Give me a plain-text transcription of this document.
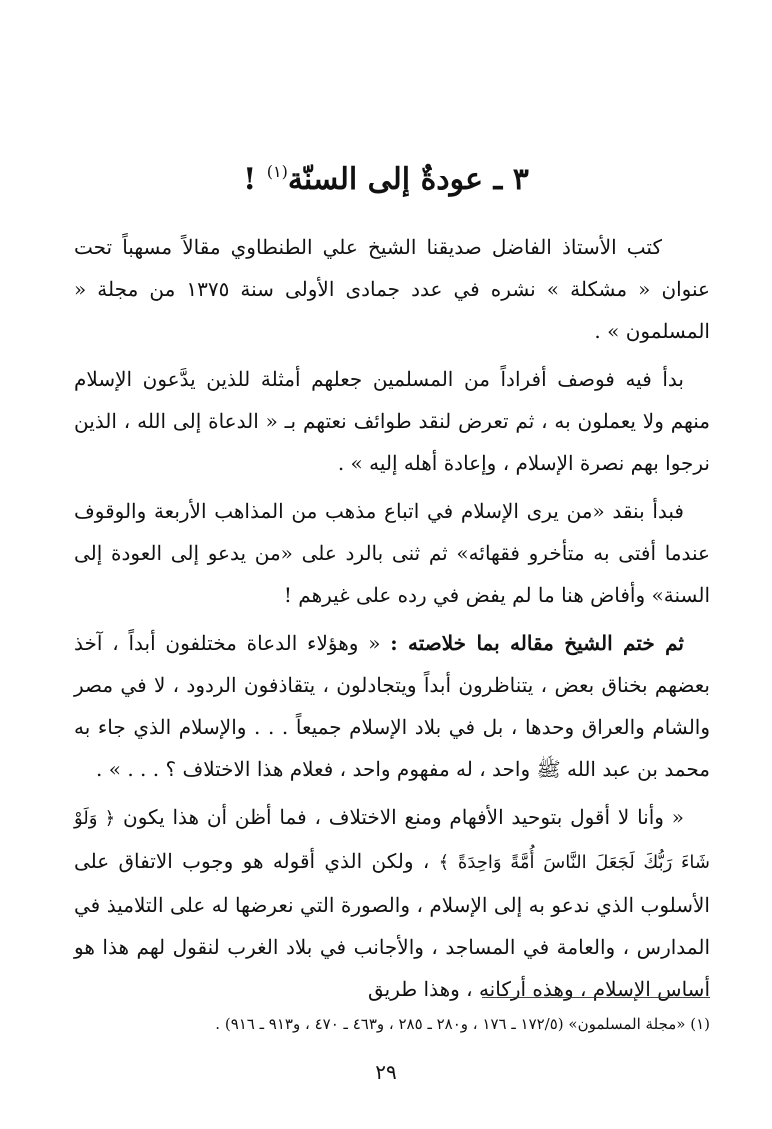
٣ ـ عودةٌ إلى السنّة$^{(١)}$ !

كتب الأستاذ الفاضل صديقنا الشيخ علي الطنطاوي مقالاً مسهباً تحت عنوان « مشكلة » نشره في عدد جمادى الأولى سنة ١٣٧٥ من مجلة « المسلمون » .

بدأ فيه فوصف أفراداً من المسلمين جعلهم أمثلة للذين يدَّعون الإسلام منهم ولا يعملون به ، ثم تعرض لنقد طوائف نعتهم بـ « الدعاة إلى الله ، الذين نرجوا بهم نصرة الإسلام ، وإعادة أهله إليه » .

فبدأ بنقد «من يرى الإسلام في اتباع مذهب من المذاهب الأربعة والوقوف عندما أفتى به متأخرو فقهائه» ثم ثنى بالرد على «من يدعو إلى العودة إلى السنة» وأفاض هنا ما لم يفض في رده على غيرهم !

ثم ختم الشيخ مقاله بما خلاصته : « وهؤلاء الدعاة مختلفون أبداً ، آخذ بعضهم بخناق بعض ، يتناظرون أبداً ويتجادلون ، يتقاذفون الردود ، لا في مصر والشام والعراق وحدها ، بل في بلاد الإسلام جميعاً . . . والإسلام الذي جاء به محمد بن عبد الله ﷺ واحد ، له مفهوم واحد ، فعلام هذا الاختلاف ؟ . . . » .

« وأنا لا أقول بتوحيد الأفهام ومنع الاختلاف ، فما أظن أن هذا يكون ﴿ وَلَوْ شَاءَ رَبُّكَ لَجَعَلَ النَّاسَ أُمَّةً وَاحِدَةً ﴾ ، ولكن الذي أقوله هو وجوب الاتفاق على الأسلوب الذي ندعو به إلى الإسلام ، والصورة التي نعرضها له على التلاميذ في المدارس ، والعامة في المساجد ، والأجانب في بلاد الغرب لنقول لهم هذا هو أساس الإسلام ، وهذه أركانه ، وهذا طريق

(١) «مجلة المسلمون» (١٧٢/٥ ـ ١٧٦ ، و٢٨٠ ـ ٢٨٥ ، و٤٦٣ ـ ٤٧٠ ، و٩١٣ ـ ٩١٦) .
٢٩
